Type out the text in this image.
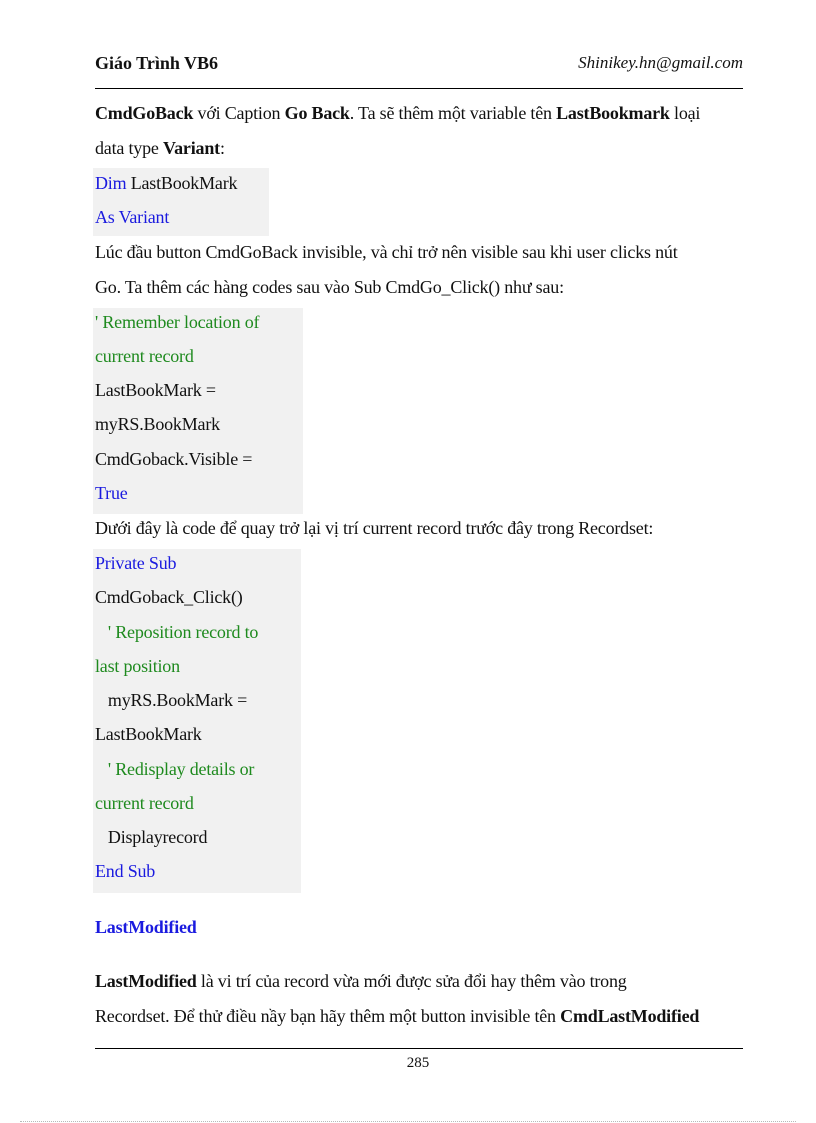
Giáo Trình VB6	Shinikey.hn@gmail.com
CmdGoBack với Caption Go Back. Ta sẽ thêm một variable tên LastBookmark loại
data type Variant:
Dim LastBookMark
As Variant
Lúc đầu button CmdGoBack invisible, và chỉ trở nên visible sau khi user clicks nút
Go. Ta thêm các hàng codes sau vào Sub CmdGo_Click() như sau:
' Remember location of
current record
LastBookMark =
myRS.BookMark
CmdGoback.Visible =
True
Dưới đây là code để quay trở lại vị trí current record trước đây trong Recordset:
Private Sub
CmdGoback_Click()
' Reposition record to
last position
myRS.BookMark =
LastBookMark
' Redisplay details or
current record
Displayrecord
End Sub
LastModified
LastModified là vi trí của record vừa mới được sửa đổi hay thêm vào trong
Recordset. Để thử điều nầy bạn hãy thêm một button invisible tên CmdLastModified
285
